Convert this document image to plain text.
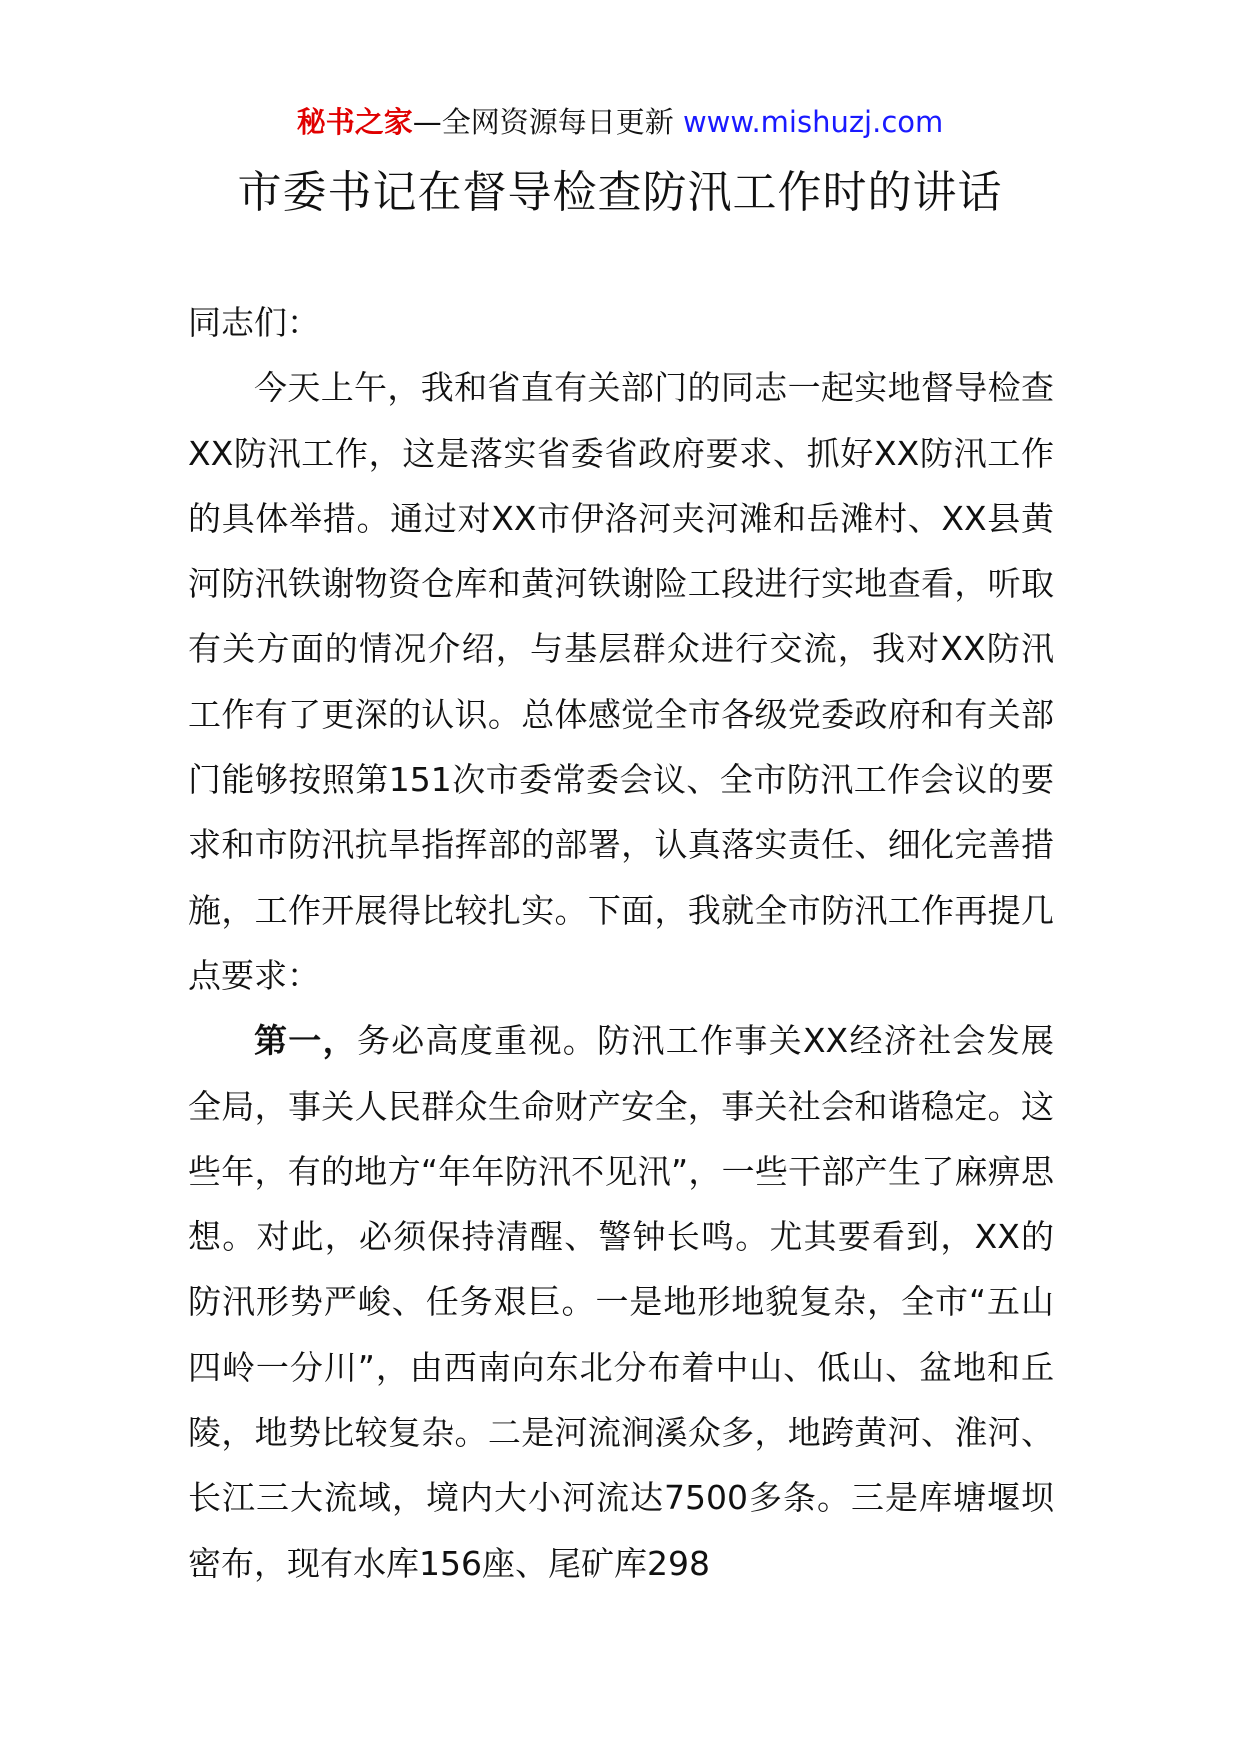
秘书之家—全网资源每日更新 www.mishuzj.com
市委书记在督导检查防汛工作时的讲话

同志们：

今天上午，我和省直有关部门的同志一起实地督导检查XX防汛工作，这是落实省委省政府要求、抓好XX防汛工作的具体举措。通过对XX市伊洛河夹河滩和岳滩村、XX县黄河防汛铁谢物资仓库和黄河铁谢险工段进行实地查看，听取有关方面的情况介绍，与基层群众进行交流，我对XX防汛工作有了更深的认识。总体感觉全市各级党委政府和有关部门能够按照第151次市委常委会议、全市防汛工作会议的要求和市防汛抗旱指挥部的部署，认真落实责任、细化完善措施，工作开展得比较扎实。下面，我就全市防汛工作再提几点要求：

第一，务必高度重视。防汛工作事关XX经济社会发展全局，事关人民群众生命财产安全，事关社会和谐稳定。这些年，有的地方“年年防汛不见汛”，一些干部产生了麻痹思想。对此，必须保持清醒、警钟长鸣。尤其要看到，XX的防汛形势严峻、任务艰巨。一是地形地貌复杂，全市“五山四岭一分川”，由西南向东北分布着中山、低山、盆地和丘陵，地势比较复杂。二是河流涧溪众多，地跨黄河、淮河、长江三大流域，境内大小河流达7500多条。三是库塘堰坝密布，现有水库156座、尾矿库298
